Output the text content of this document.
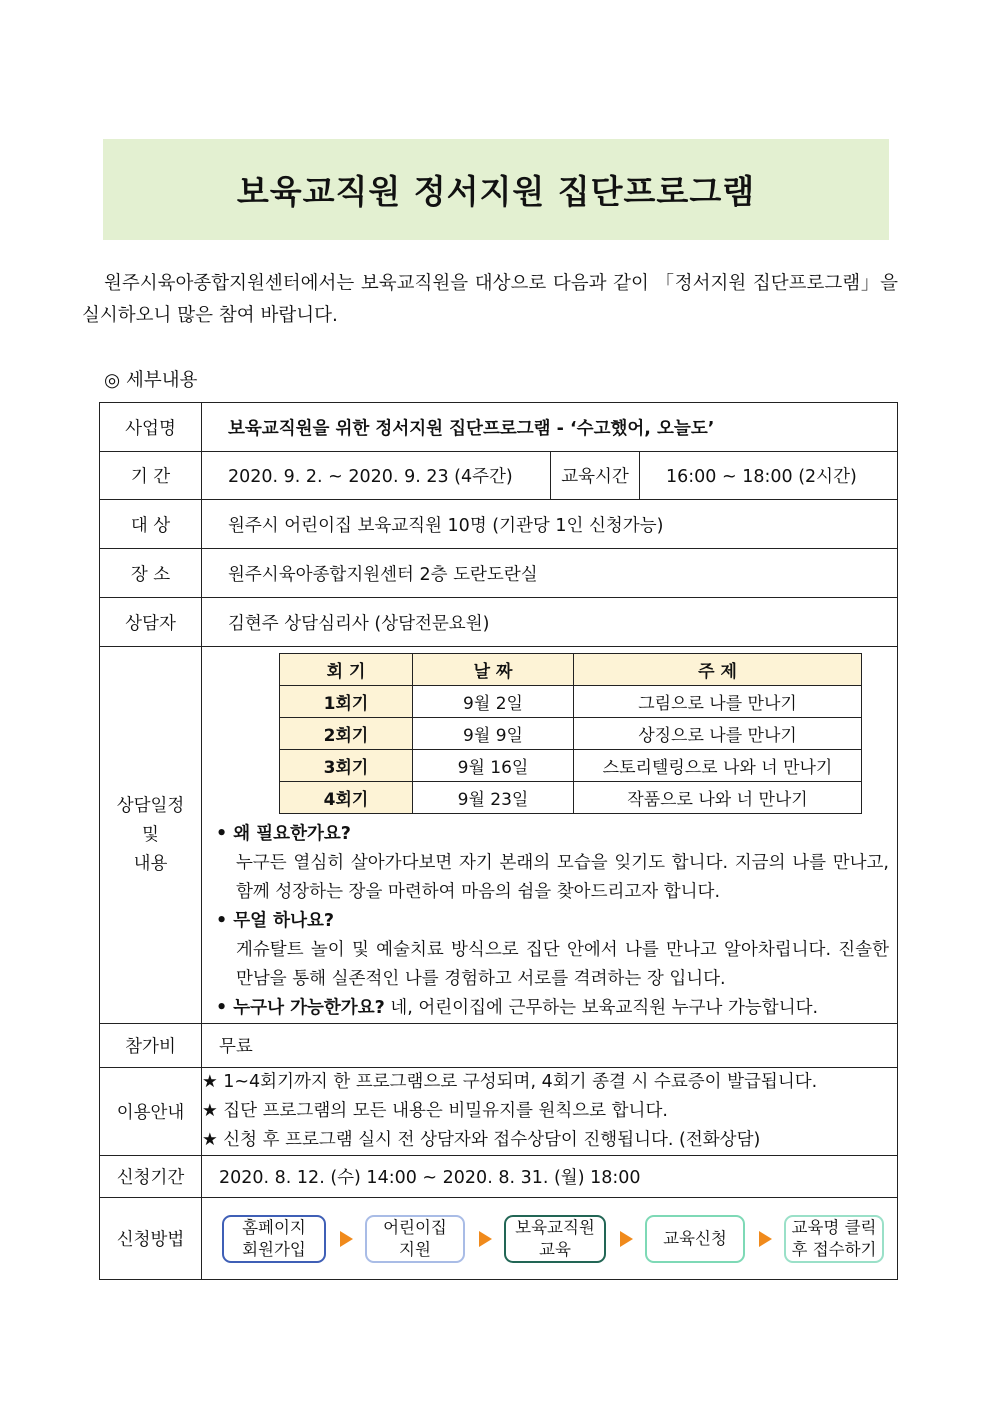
보육교직원 정서지원 집단프로그램
원주시육아종합지원센터에서는 보육교직원을 대상으로 다음과 같이 「정서지원 집단프로그램」을 실시하오니 많은 참여 바랍니다.
◎ 세부내용
사업명	보육교직원을 위한 정서지원 집단프로그램 - ‘수고했어, 오늘도’
기 간	2020. 9. 2. ~ 2020. 9. 23 (4주간)	교육시간	16:00 ~ 18:00 (2시간)
대 상	원주시 어린이집 보육교직원 10명 (기관당 1인 신청가능)
장 소	원주시육아종합지원센터 2층 도란도란실
상담자	김현주 상담심리사 (상담전문요원)

상담일정
및
내용

회 기	날 짜	주 제
1회기	9월 2일	그림으로 나를 만나기
2회기	9월 9일	상징으로 나를 만나기
3회기	9월 16일	스토리텔링으로 나와 너 만나기
4회기	9월 23일	작품으로 나와 너 만나기
• 왜 필요한가요?
누구든 열심히 살아가다보면 자기 본래의 모습을 잊기도 합니다. 지금의 나를 만나고, 함께 성장하는 장을 마련하여 마음의 쉼을 찾아드리고자 합니다.
• 무얼 하나요?
게슈탈트 놀이 및 예술치료 방식으로 집단 안에서 나를 만나고 알아차립니다. 진솔한 만남을 통해 실존적인 나를 경험하고 서로를 격려하는 장 입니다.
• 누구나 가능한가요? 네, 어린이집에 근무하는 보육교직원 누구나 가능합니다.

참가비	무료
이용안내	
★ 1~4회기까지 한 프로그램으로 구성되며, 4회기 종결 시 수료증이 발급됩니다.
★ 집단 프로그램의 모든 내용은 비밀유지를 원칙으로 합니다.
★ 신청 후 프로그램 실시 전 상담자와 접수상담이 진행됩니다. (전화상담)

신청기간	2020. 8. 12. (수) 14:00 ~ 2020. 8. 31. (월) 18:00
신청방법	
홈페이지
회원가입
어린이집
지원
보육교직원
교육
교육신청
교육명 클릭
후 접수하기
